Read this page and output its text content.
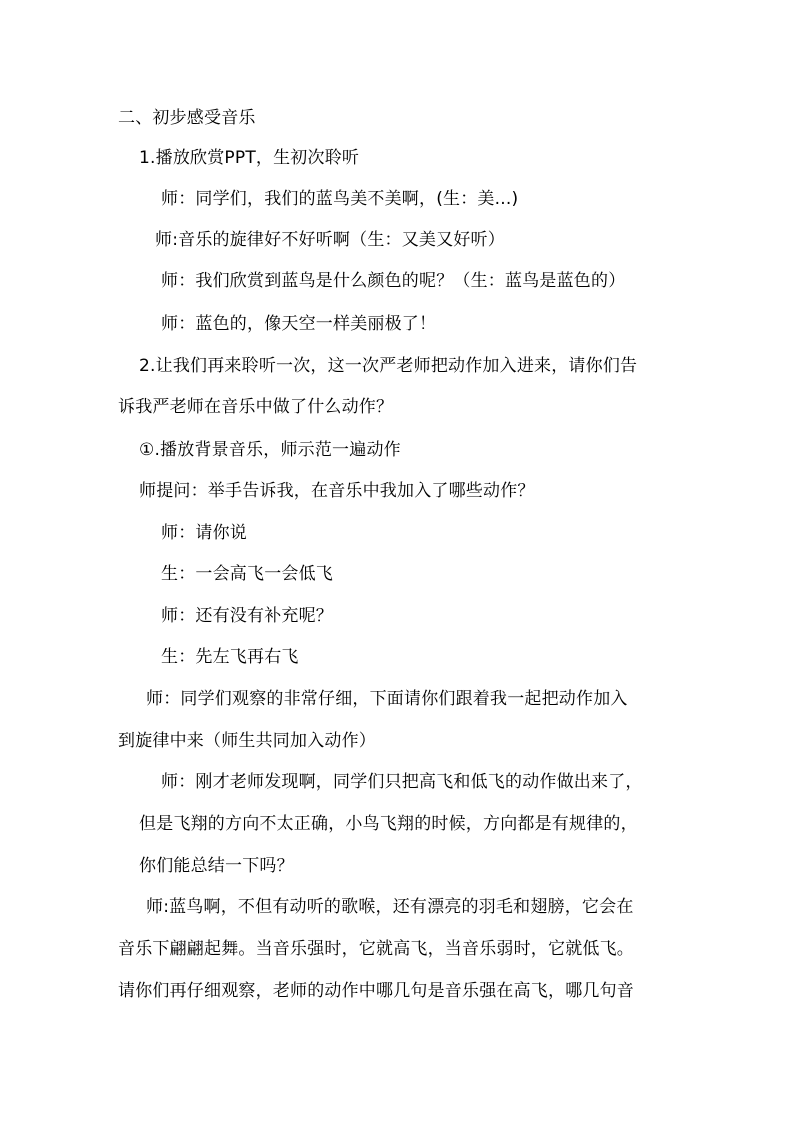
二、初步感受音乐
1.播放欣赏PPT，生初次聆听
师：同学们，我们的蓝鸟美不美啊，(生：美...)
师:音乐的旋律好不好听啊（生：又美又好听）
师：我们欣赏到蓝鸟是什么颜色的呢？（生：蓝鸟是蓝色的）
师：蓝色的，像天空一样美丽极了！
2.让我们再来聆听一次，这一次严老师把动作加入进来，请你们告
诉我严老师在音乐中做了什么动作？
①.播放背景音乐，师示范一遍动作
师提问：举手告诉我，在音乐中我加入了哪些动作？
师：请你说
生：一会高飞一会低飞
师：还有没有补充呢？
生：先左飞再右飞
师：同学们观察的非常仔细，下面请你们跟着我一起把动作加入
到旋律中来（师生共同加入动作）
师：刚才老师发现啊，同学们只把高飞和低飞的动作做出来了，
但是飞翔的方向不太正确，小鸟飞翔的时候，方向都是有规律的，
你们能总结一下吗？
师:蓝鸟啊，不但有动听的歌喉，还有漂亮的羽毛和翅膀，它会在
音乐下翩翩起舞。当音乐强时，它就高飞，当音乐弱时，它就低飞。
请你们再仔细观察，老师的动作中哪几句是音乐强在高飞，哪几句音
